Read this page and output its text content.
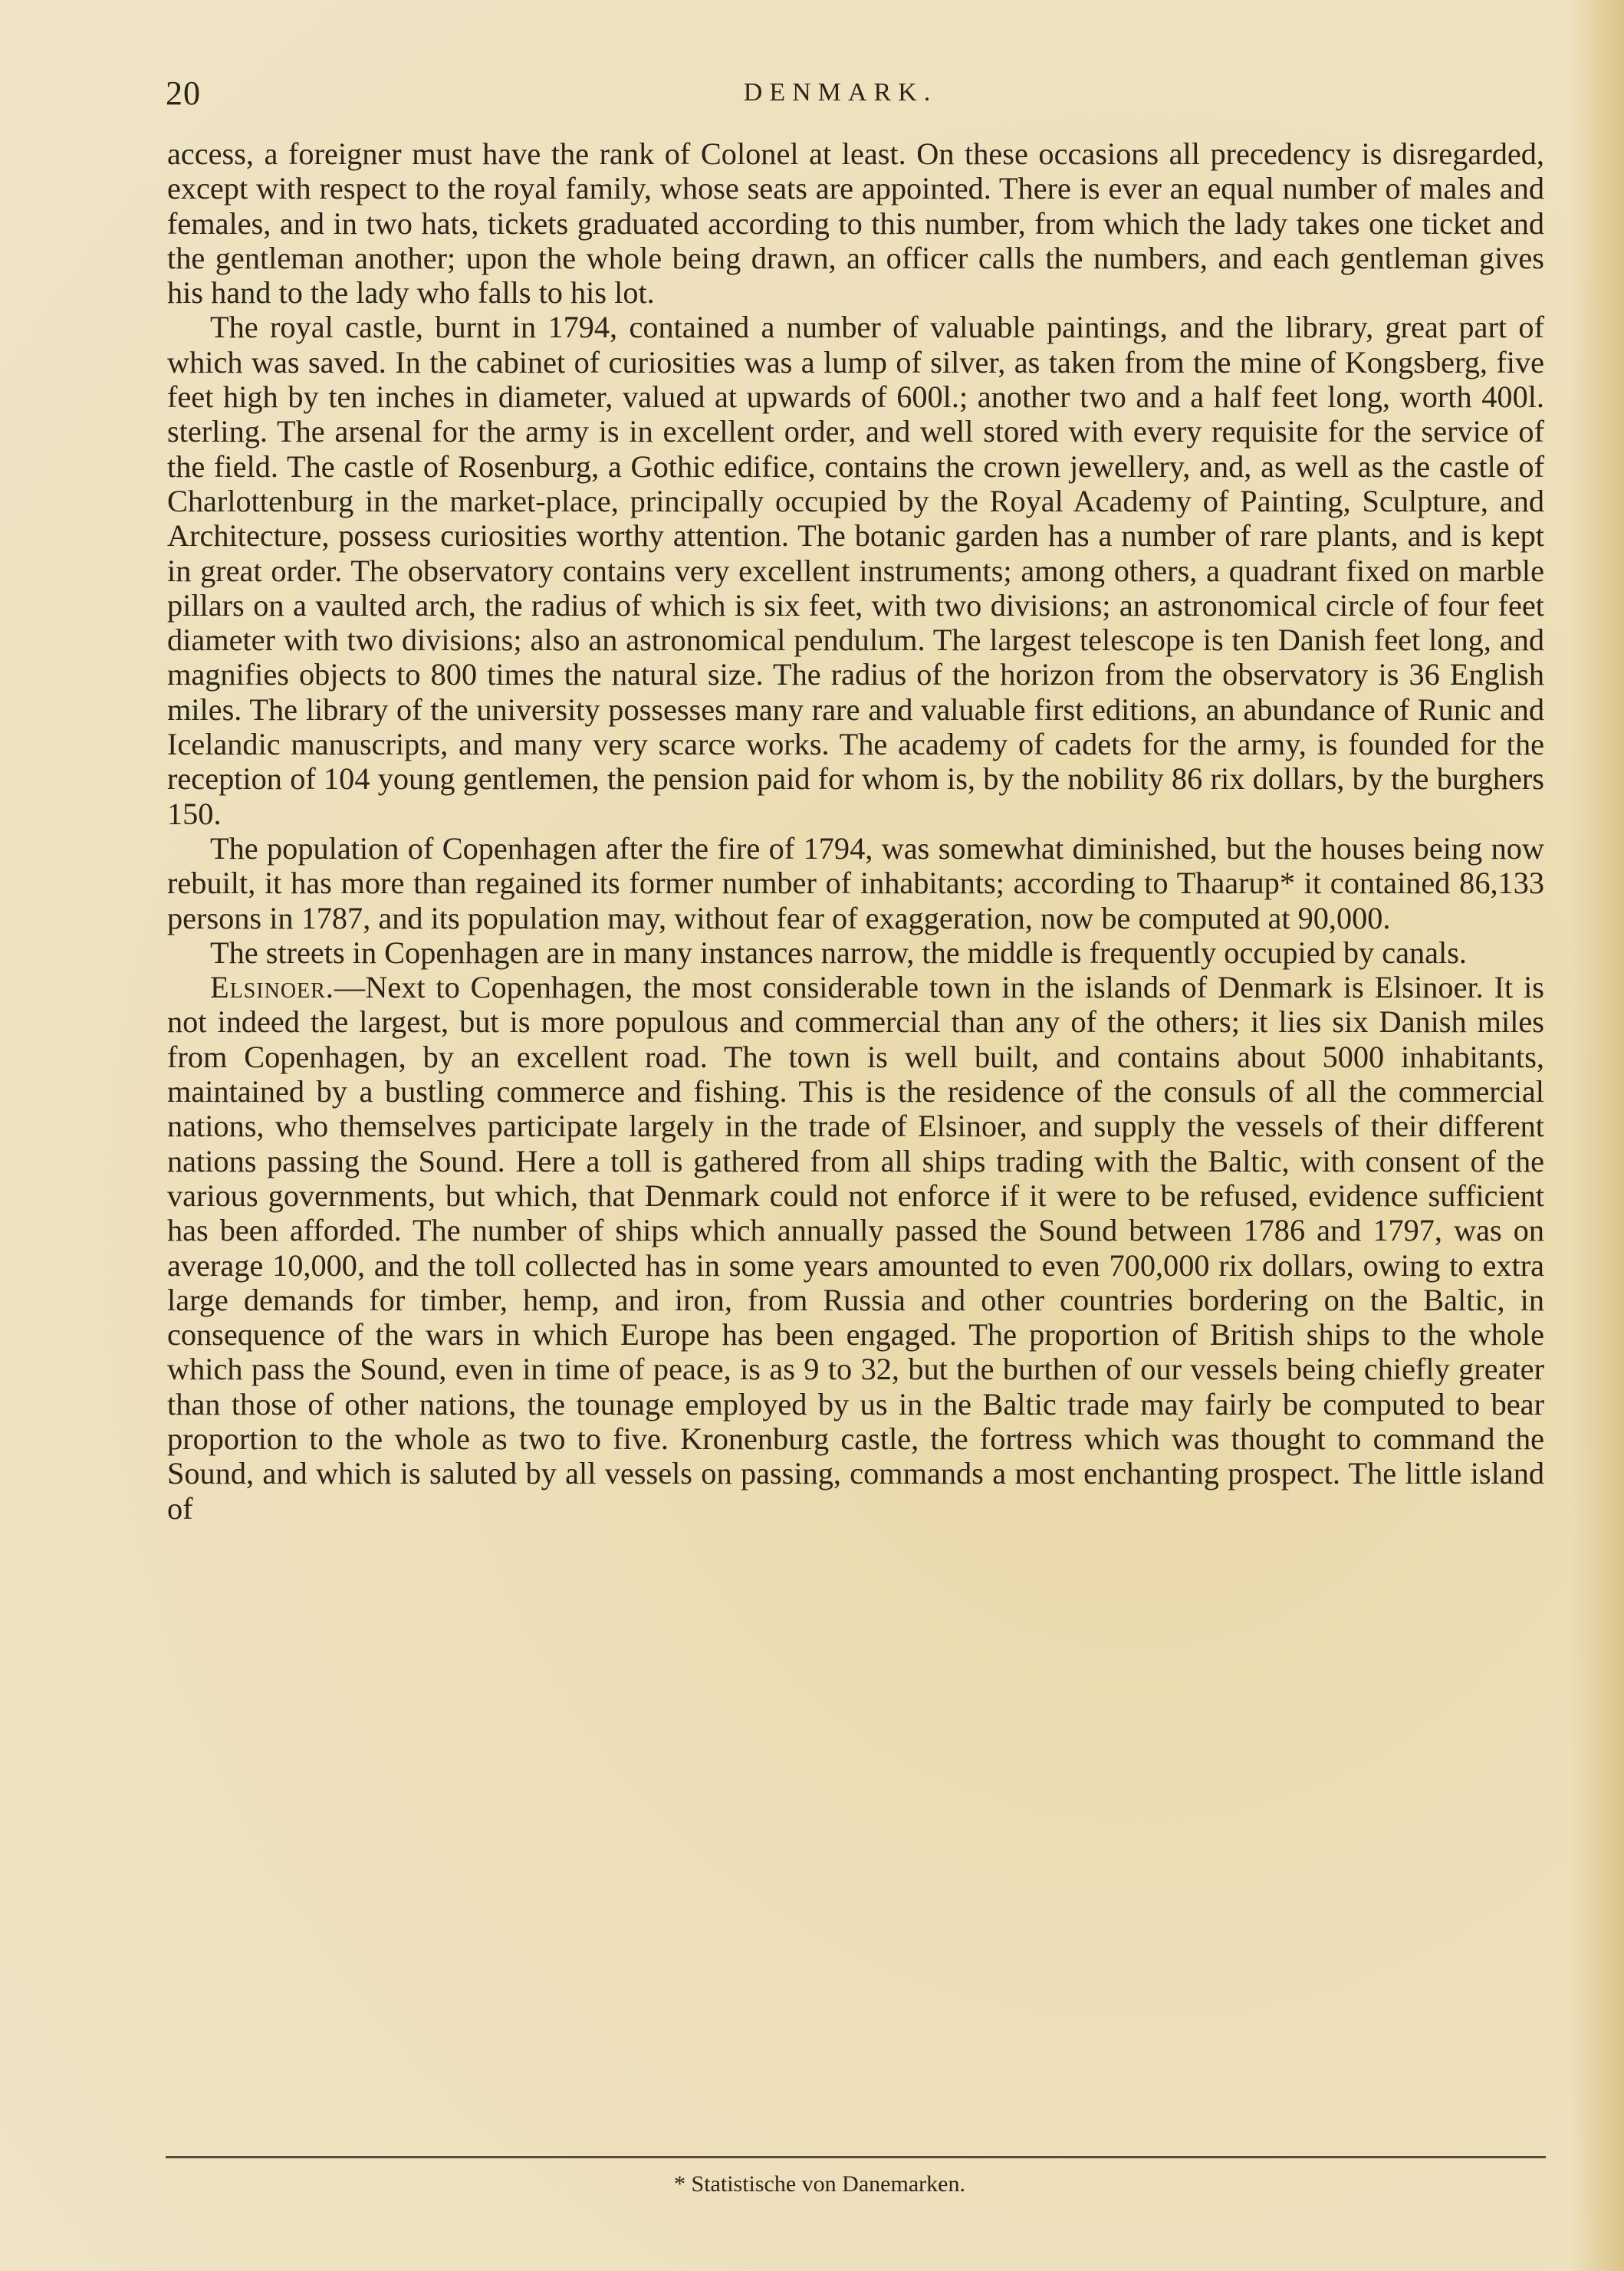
20	DENMARK.

access, a foreigner must have the rank of Colonel at least. On these occasions all precedency is disregarded, except with respect to the royal family, whose seats are appointed. There is ever an equal number of males and females, and in two hats, tickets graduated according to this number, from which the lady takes one ticket and the gentleman another; upon the whole being drawn, an officer calls the numbers, and each gentleman gives his hand to the lady who falls to his lot.

The royal castle, burnt in 1794, contained a number of valuable paintings, and the library, great part of which was saved. In the cabinet of curiosities was a lump of silver, as taken from the mine of Kongsberg, five feet high by ten inches in diameter, valued at upwards of 600l.; another two and a half feet long, worth 400l. sterling. The arsenal for the army is in excellent order, and well stored with every requisite for the service of the field. The castle of Rosenburg, a Gothic edifice, contains the crown jewellery, and, as well as the castle of Charlottenburg in the market-place, principally occupied by the Royal Academy of Painting, Sculpture, and Architecture, possess curiosities worthy attention. The botanic garden has a number of rare plants, and is kept in great order. The observatory contains very excellent instruments; among others, a quadrant fixed on marble pillars on a vaulted arch, the radius of which is six feet, with two divisions; an astronomical circle of four feet diameter with two divisions; also an astronomical pendulum. The largest telescope is ten Danish feet long, and magnifies objects to 800 times the natural size. The radius of the horizon from the observatory is 36 English miles. The library of the university possesses many rare and valuable first editions, an abundance of Runic and Icelandic manuscripts, and many very scarce works. The academy of cadets for the army, is founded for the reception of 104 young gentlemen, the pension paid for whom is, by the nobility 86 rix dollars, by the burghers 150.

The population of Copenhagen after the fire of 1794, was somewhat diminished, but the houses being now rebuilt, it has more than regained its former number of inhabitants; according to Thaarup* it contained 86,133 persons in 1787, and its population may, without fear of exaggeration, now be computed at 90,000.

The streets in Copenhagen are in many instances narrow, the middle is frequently occupied by canals.

Elsinoer.—Next to Copenhagen, the most considerable town in the islands of Denmark is Elsinoer. It is not indeed the largest, but is more populous and commercial than any of the others; it lies six Danish miles from Copenhagen, by an excellent road. The town is well built, and contains about 5000 inhabitants, maintained by a bustling commerce and fishing. This is the residence of the consuls of all the commercial nations, who themselves participate largely in the trade of Elsinoer, and supply the vessels of their different nations passing the Sound. Here a toll is gathered from all ships trading with the Baltic, with consent of the various governments, but which, that Denmark could not enforce if it were to be refused, evidence sufficient has been afforded. The number of ships which annually passed the Sound between 1786 and 1797, was on average 10,000, and the toll collected has in some years amounted to even 700,000 rix dollars, owing to extra large demands for timber, hemp, and iron, from Russia and other countries bordering on the Baltic, in consequence of the wars in which Europe has been engaged. The proportion of British ships to the whole which pass the Sound, even in time of peace, is as 9 to 32, but the burthen of our vessels being chiefly greater than those of other nations, the tounage employed by us in the Baltic trade may fairly be computed to bear proportion to the whole as two to five. Kronenburg castle, the fortress which was thought to command the Sound, and which is saluted by all vessels on passing, commands a most enchanting prospect. The little island of

* Statistische von Danemarken.
